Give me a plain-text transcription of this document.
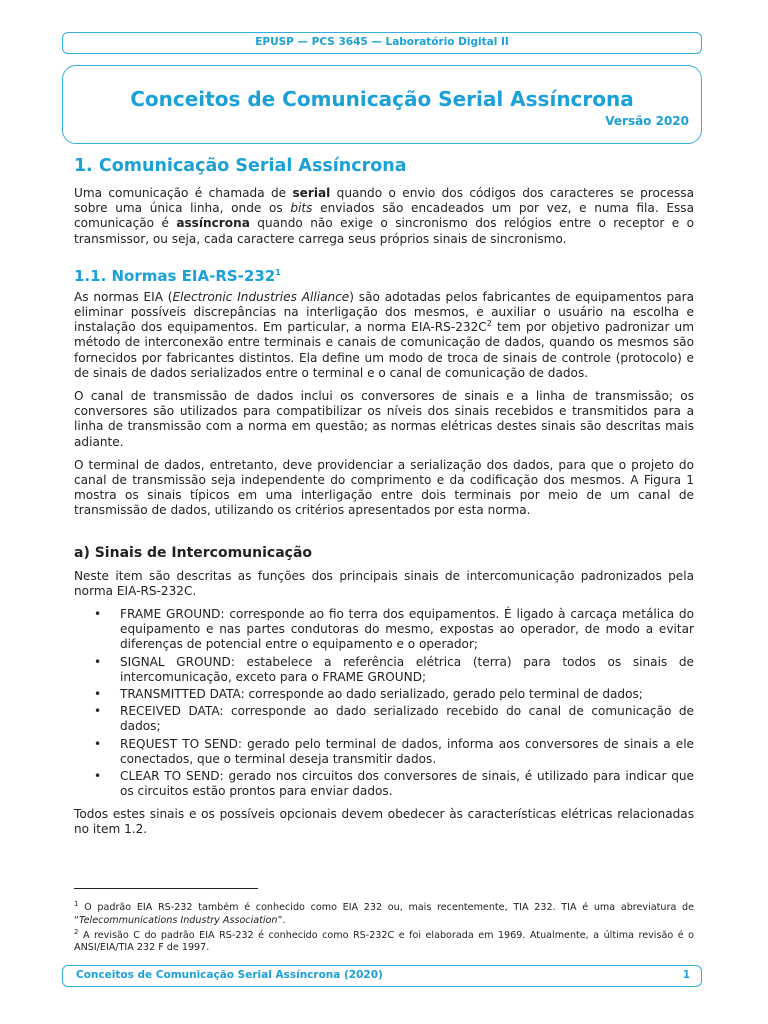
EPUSP — PCS 3645 — Laboratório Digital II
Conceitos de Comunicação Serial Assíncrona
Versão 2020
1. Comunicação Serial Assíncrona

Uma comunicação é chamada de serial quando o envio dos códigos dos caracteres se processa sobre uma única linha, onde os bits enviados são encadeados um por vez, e numa fila. Essa comunicação é assíncrona quando não exige o sincronismo dos relógios entre o receptor e o transmissor, ou seja, cada caractere carrega seus próprios sinais de sincronismo.

1.1. Normas EIA-$RS-232^1$

As normas EIA (Electronic Industries Alliance) são adotadas pelos fabricantes de equipamentos para eliminar possíveis discrepâncias na interligação dos mesmos, e auxiliar o usuário na escolha e instalação dos equipamentos. Em particular, a norma EIA-$RS-232C^2$ tem por objetivo padronizar um método de interconexão entre terminais e canais de comunicação de dados, quando os mesmos são fornecidos por fabricantes distintos. Ela define um modo de troca de sinais de controle (protocolo) e de sinais de dados serializados entre o terminal e o canal de comunicação de dados.

O canal de transmissão de dados inclui os conversores de sinais e a linha de transmissão; os conversores são utilizados para compatibilizar os níveis dos sinais recebidos e transmitidos para a linha de transmissão com a norma em questão; as normas elétricas destes sinais são descritas mais adiante.

O terminal de dados, entretanto, deve providenciar a serialização dos dados, para que o projeto do canal de transmissão seja independente do comprimento e da codificação dos mesmos. A Figura 1 mostra os sinais típicos em uma interligação entre dois terminais por meio de um canal de transmissão de dados, utilizando os critérios apresentados por esta norma.

a) Sinais de Intercomunicação

Neste item são descritas as funções dos principais sinais de intercomunicação padronizados pela norma EIA-RS-232C.

• FRAME GROUND: corresponde ao fio terra dos equipamentos. É ligado à carcaça metálica do equipamento e nas partes condutoras do mesmo, expostas ao operador, de modo a evitar diferenças de potencial entre o equipamento e o operador;
• SIGNAL GROUND: estabelece a referência elétrica (terra) para todos os sinais de intercomunicação, exceto para o FRAME GROUND;
• TRANSMITTED DATA: corresponde ao dado serializado, gerado pelo terminal de dados;
• RECEIVED DATA: corresponde ao dado serializado recebido do canal de comunicação de dados;
• REQUEST TO SEND: gerado pelo terminal de dados, informa aos conversores de sinais a ele conectados, que o terminal deseja transmitir dados.
• CLEAR TO SEND: gerado nos circuitos dos conversores de sinais, é utilizado para indicar que os circuitos estão prontos para enviar dados.

Todos estes sinais e os possíveis opcionais devem obedecer às características elétricas relacionadas no item 1.2.

$^1$ O padrão EIA RS-232 também é conhecido como EIA 232 ou, mais recentemente, TIA 232. TIA é uma abreviatura de “Telecommunications Industry Association”.

$^2$ A revisão C do padrão EIA RS-232 é conhecido como RS-232C e foi elaborada em 1969. Atualmente, a última revisão é o ANSI/EIA/TIA 232 F de 1997.

Conceitos de Comunicação Serial Assíncrona (2020)	1
